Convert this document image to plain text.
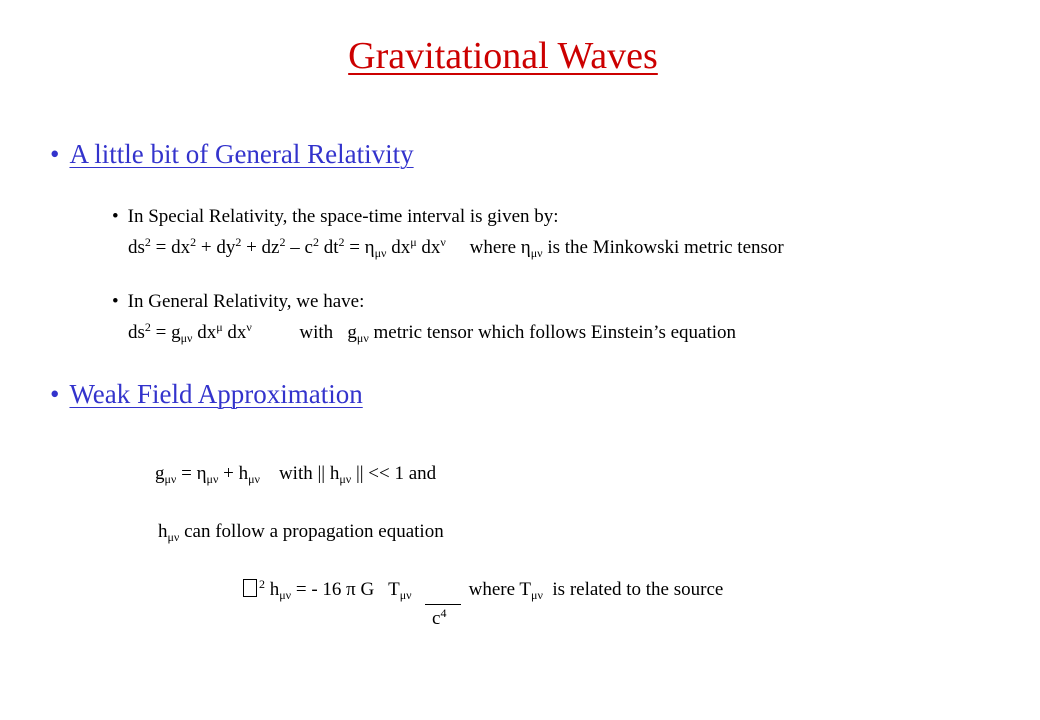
Gravitational Waves
• A little bit of General Relativity
• In Special Relativity, the space-time interval is given by:
$ds^2 = dx^2 + dy^2 + dz^2 - c^2$ $dt^2 = \eta_{\mu\nu}$ $dx^\mu$ $dx^\nu$     where $\eta_{\mu\nu}$ is the Minkowski metric tensor
• In General Relativity, we have:
$ds^2 = g_{\mu\nu}$ $dx^\mu$ $dx^\nu$          with   $g_{\mu\nu}$ metric tensor which follows Einstein’s equation
• Weak Field Approximation
$g_{\mu\nu} = \eta_{\mu\nu} + h_{\mu\nu}$    with || $h_{\mu\nu}$ || << 1 and
$h_{\mu\nu}$ can follow a propagation equation
$^2$ $h_{\mu\nu}$ = - 16 π G   $T_{\mu\nu}$            where $T_{\mu\nu}$  is related to the source
$c^4$
